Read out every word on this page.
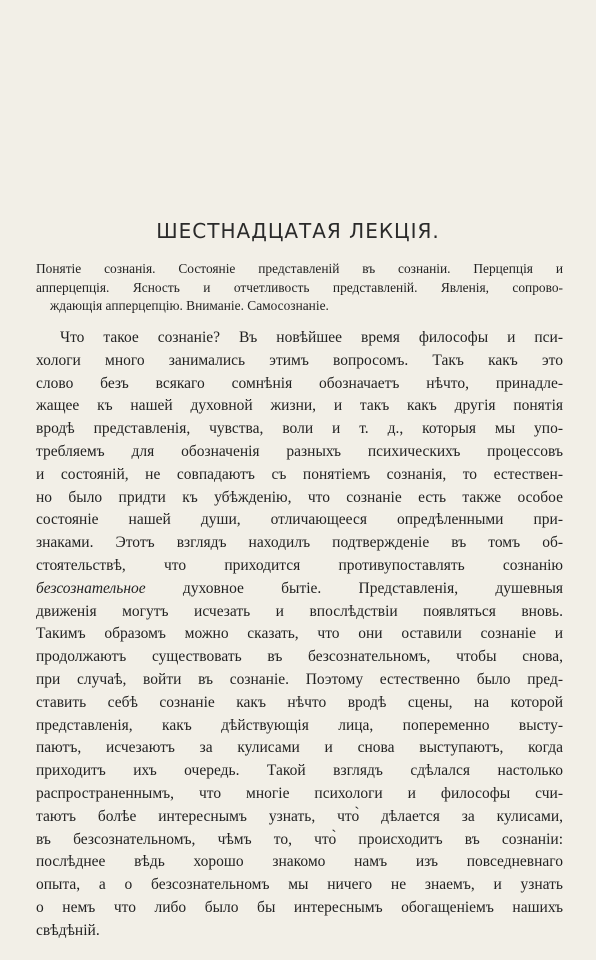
ШЕСТНАДЦАТАЯ ЛЕКЦІЯ.
Понятіе сознанія. Состояніе представленій въ сознаніи. Перцепція и
апперцепція. Ясность и отчетливость представленій. Явленія, сопрово-
ждающія апперцепцію. Вниманіе. Самосознаніе.
Что такое сознаніе? Въ новѣйшее время философы и пси-
хологи много занимались этимъ вопросомъ. Такъ какъ это
слово безъ всякаго сомнѣнія обозначаетъ нѣчто, принадле-
жащее къ нашей духовной жизни, и такъ какъ другія понятія
вродѣ представленія, чувства, воли и т. д., которыя мы упо-
требляемъ для обозначенія разныхъ психическихъ процессовъ
и состояній, не совпадаютъ съ понятіемъ сознанія, то естествен-
но было придти къ убѣжденію, что сознаніе есть также особое
состояніе нашей души, отличающееся опредѣленными при-
знаками. Этотъ взглядъ находилъ подтвержденіе въ томъ об-
стоятельствѣ, что приходится противупоставлять сознанію
безсознательное духовное бытіе. Представленія, душевныя
движенія могутъ исчезать и впослѣдствіи появляться вновь.
Такимъ образомъ можно сказать, что они оставили сознаніе и
продолжаютъ существовать въ безсознательномъ, чтобы снова,
при случаѣ, войти въ сознаніе. Поэтому естественно было пред-
ставить себѣ сознаніе какъ нѣчто вродѣ сцены, на которой
представленія, какъ дѣйствующія лица, попеременно высту-
паютъ, исчезаютъ за кулисами и снова выступаютъ, когда
приходитъ ихъ очередь. Такой взглядъ сдѣлался настолько
распространеннымъ, что многіе психологи и философы счи-
таютъ болѣе интереснымъ узнать, что̀ дѣлается за кулисами,
въ безсознательномъ, чѣмъ то, что̀ происходитъ въ сознаніи:
послѣднее вѣдь хорошо знакомо намъ изъ повседневнаго
опыта, а о безсознательномъ мы ничего не знаемъ, и узнать
о немъ что либо было бы интереснымъ обогащеніемъ нашихъ
свѣдѣній.
